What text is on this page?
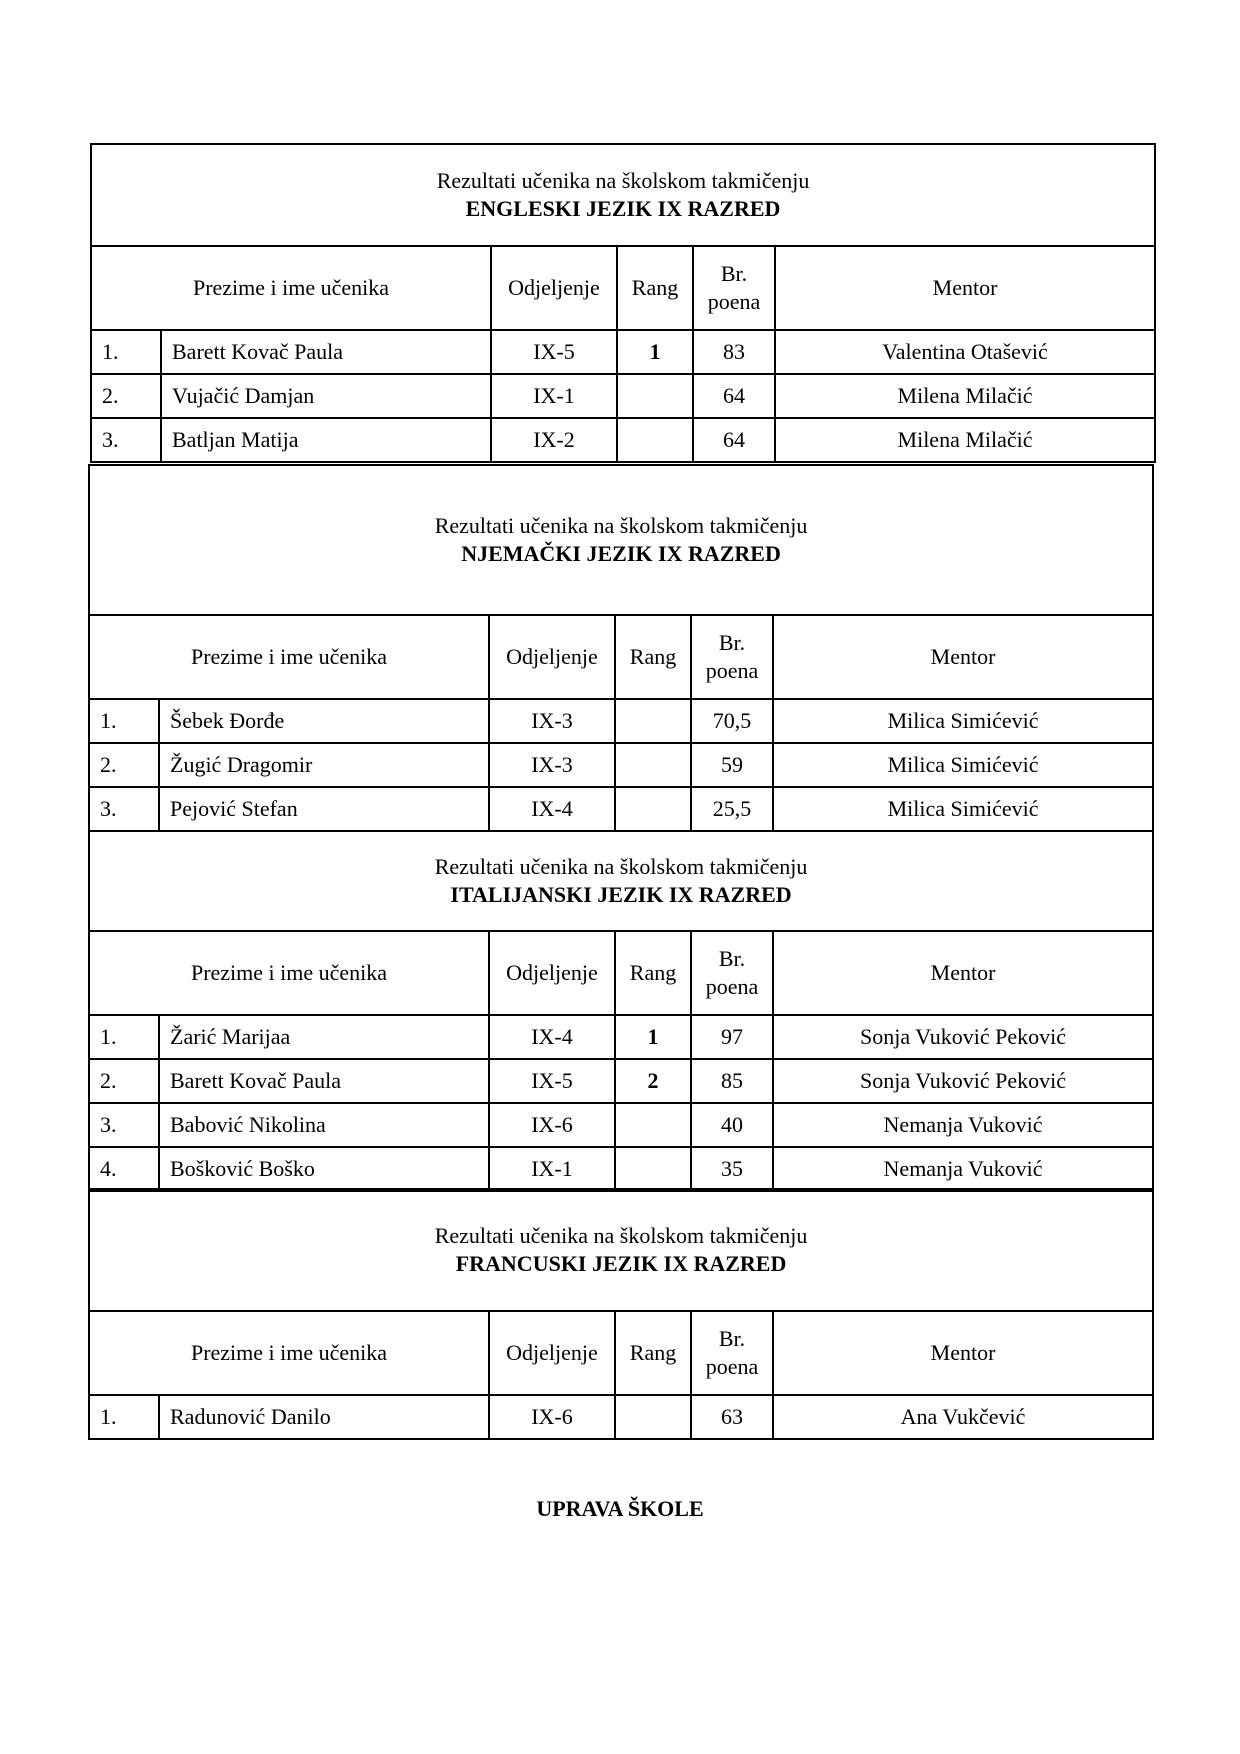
Rezultati učenika na školskom takmičenju
ENGLESKI JEZIK IX RAZRED					

Prezime i ime učenika		Odjeljenje	Rang	Br.
poena	Mentor
1.	Barett Kovač Paula	IX-5	1	83	Valentina Otašević
2.	Vujačić Damjan	IX-1		64	Milena Milačić
3.	Batljan Matija	IX-2		64	Milena Milačić
Rezultati učenika na školskom takmičenju
NJEMAČKI JEZIK IX RAZRED					

Prezime i ime učenika		Odjeljenje	Rang	Br.
poena	Mentor
1.	Šebek Đorđe	IX-3		70,5	Milica Simićević
2.	Žugić Dragomir	IX-3		59	Milica Simićević
3.	Pejović Stefan	IX-4		25,5	Milica Simićević
Rezultati učenika na školskom takmičenju
ITALIJANSKI JEZIK IX RAZRED					

Prezime i ime učenika		Odjeljenje	Rang	Br.
poena	Mentor
1.	Žarić Marijaa	IX-4	1	97	Sonja Vuković Peković
2.	Barett Kovač Paula	IX-5	2	85	Sonja Vuković Peković
3.	Babović Nikolina	IX-6		40	Nemanja Vuković
4.	Bošković Boško	IX-1		35	Nemanja Vuković
Rezultati učenika na školskom takmičenju
FRANCUSKI JEZIK IX RAZRED					

Prezime i ime učenika		Odjeljenje	Rang	Br.
poena	Mentor
1.	Radunović Danilo	IX-6		63	Ana Vukčević
UPRAVA ŠKOLE
